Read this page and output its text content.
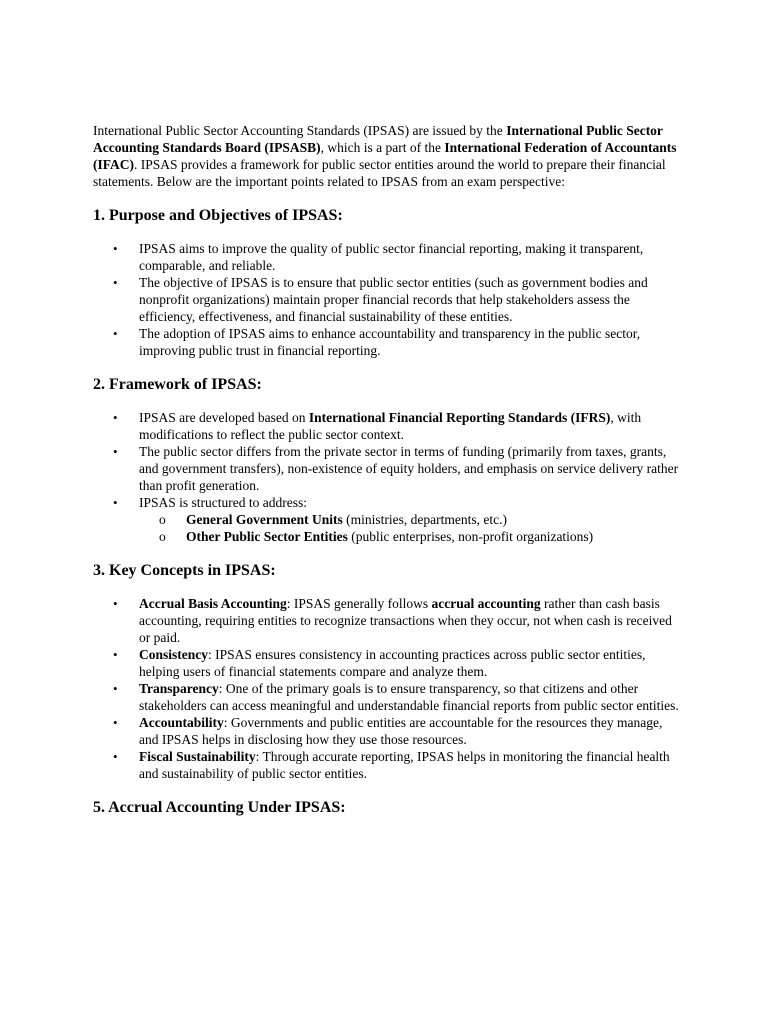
International Public Sector Accounting Standards (IPSAS) are issued by the International Public Sector Accounting Standards Board (IPSASB), which is a part of the International Federation of Accountants (IFAC). IPSAS provides a framework for public sector entities around the world to prepare their financial statements. Below are the important points related to IPSAS from an exam perspective:

1. Purpose and Objectives of IPSAS:
• IPSAS aims to improve the quality of public sector financial reporting, making it transparent, comparable, and reliable.
• The objective of IPSAS is to ensure that public sector entities (such as government bodies and nonprofit organizations) maintain proper financial records that help stakeholders assess the efficiency, effectiveness, and financial sustainability of these entities.
• The adoption of IPSAS aims to enhance accountability and transparency in the public sector, improving public trust in financial reporting.
2. Framework of IPSAS:
• IPSAS are developed based on International Financial Reporting Standards (IFRS), with modifications to reflect the public sector context.
• The public sector differs from the private sector in terms of funding (primarily from taxes, grants, and government transfers), non-existence of equity holders, and emphasis on service delivery rather than profit generation.
• IPSAS is structured to address:
o General Government Units (ministries, departments, etc.)
o Other Public Sector Entities (public enterprises, non-profit organizations)
3. Key Concepts in IPSAS:
• Accrual Basis Accounting: IPSAS generally follows accrual accounting rather than cash basis accounting, requiring entities to recognize transactions when they occur, not when cash is received or paid.
• Consistency: IPSAS ensures consistency in accounting practices across public sector entities, helping users of financial statements compare and analyze them.
• Transparency: One of the primary goals is to ensure transparency, so that citizens and other stakeholders can access meaningful and understandable financial reports from public sector entities.
• Accountability: Governments and public entities are accountable for the resources they manage, and IPSAS helps in disclosing how they use those resources.
• Fiscal Sustainability: Through accurate reporting, IPSAS helps in monitoring the financial health and sustainability of public sector entities.
5. Accrual Accounting Under IPSAS:
